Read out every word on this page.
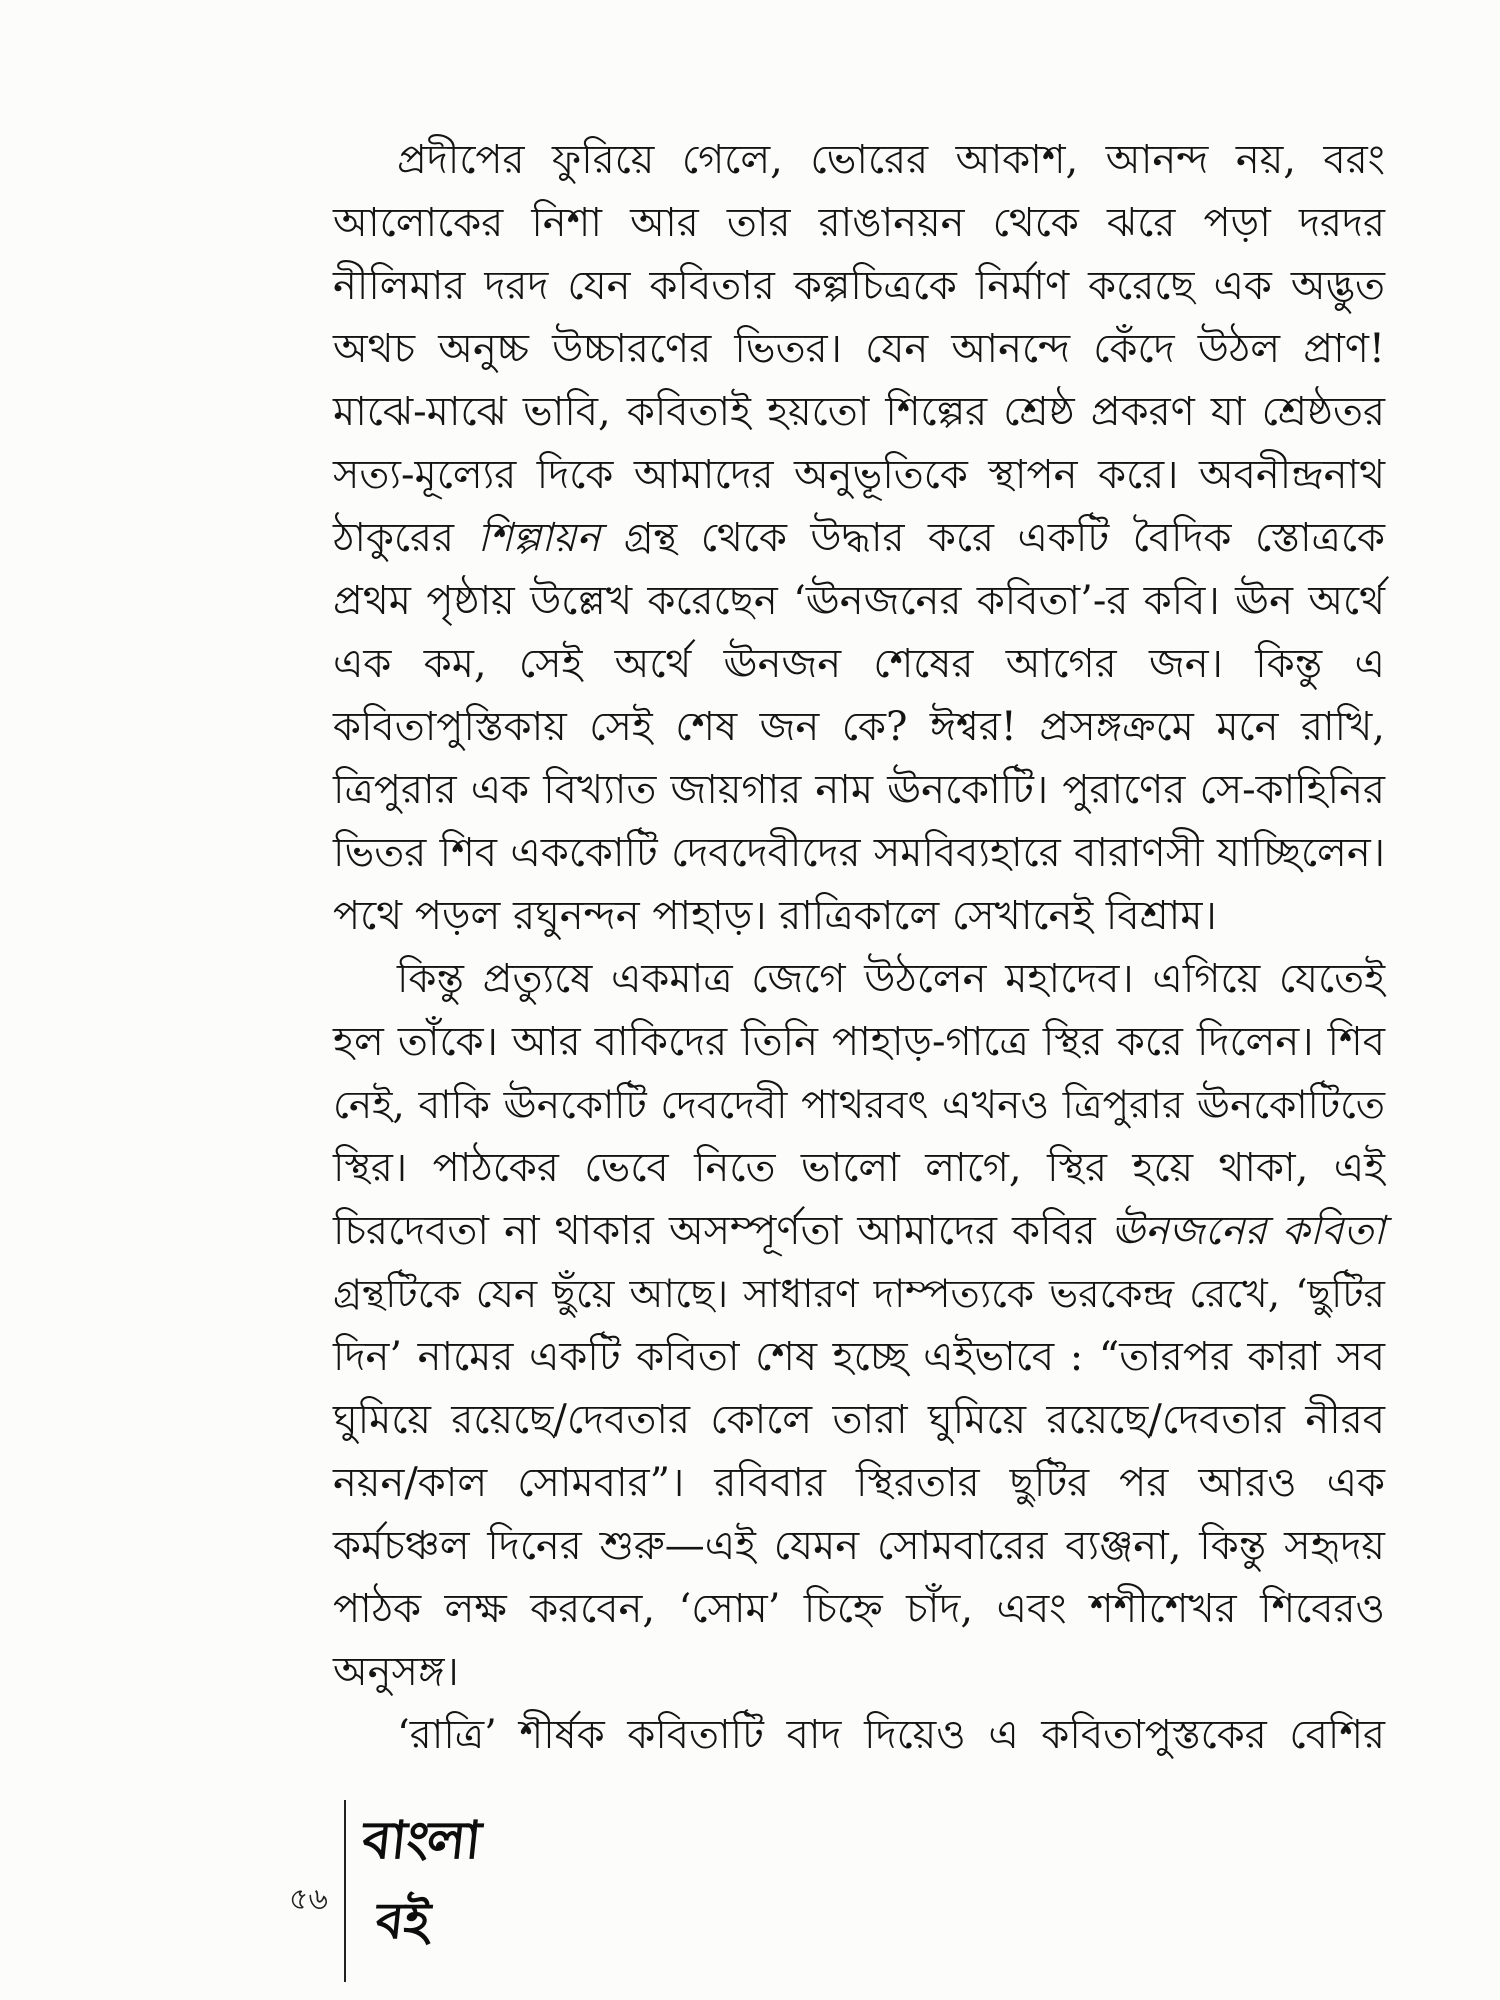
প্রদীপের ফুরিয়ে গেলে, ভোরের আকাশ, আনন্দ নয়, বরং
আলোকের নিশা আর তার রাঙানয়ন থেকে ঝরে পড়া দরদর
নীলিমার দরদ যেন কবিতার কল্পচিত্রকে নির্মাণ করেছে এক অদ্ভুত
অথচ অনুচ্চ উচ্চারণের ভিতর। যেন আনন্দে কেঁদে উঠল প্রাণ!
মাঝে-মাঝে ভাবি, কবিতাই হয়তো শিল্পের শ্রেষ্ঠ প্রকরণ যা শ্রেষ্ঠতর
সত্য-মূল্যের দিকে আমাদের অনুভূতিকে স্থাপন করে। অবনীন্দ্রনাথ
ঠাকুরের শিল্পায়ন গ্রন্থ থেকে উদ্ধার করে একটি বৈদিক স্তোত্রকে
প্রথম পৃষ্ঠায় উল্লেখ করেছেন ‘ঊনজনের কবিতা’-র কবি। ঊন অর্থে
এক কম, সেই অর্থে ঊনজন শেষের আগের জন। কিন্তু এ
কবিতাপুস্তিকায় সেই শেষ জন কে? ঈশ্বর! প্রসঙ্গক্রমে মনে রাখি,
ত্রিপুরার এক বিখ্যাত জায়গার নাম ঊনকোটি। পুরাণের সে-কাহিনির
ভিতর শিব এককোটি দেবদেবীদের সমবিব্যহারে বারাণসী যাচ্ছিলেন।
পথে পড়ল রঘুনন্দন পাহাড়। রাত্রিকালে সেখানেই বিশ্রাম।
কিন্তু প্রত্যুষে একমাত্র জেগে উঠলেন মহাদেব। এগিয়ে যেতেই
হল তাঁকে। আর বাকিদের তিনি পাহাড়-গাত্রে স্থির করে দিলেন। শিব
নেই, বাকি ঊনকোটি দেবদেবী পাথরবৎ এখনও ত্রিপুরার ঊনকোটিতে
স্থির। পাঠকের ভেবে নিতে ভালো লাগে, স্থির হয়ে থাকা, এই
চিরদেবতা না থাকার অসম্পূর্ণতা আমাদের কবির ঊনজনের কবিতা
গ্রন্থটিকে যেন ছুঁয়ে আছে। সাধারণ দাম্পত্যকে ভরকেন্দ্র রেখে, ‘ছুটির
দিন’ নামের একটি কবিতা শেষ হচ্ছে এইভাবে : “তারপর কারা সব
ঘুমিয়ে রয়েছে/দেবতার কোলে তারা ঘুমিয়ে রয়েছে/দেবতার নীরব
নয়ন/কাল সোমবার”। রবিবার স্থিরতার ছুটির পর আরও এক
কর্মচঞ্চল দিনের শুরু—এই যেমন সোমবারের ব্যঞ্জনা, কিন্তু সহৃদয়
পাঠক লক্ষ করবেন, ‘সোম’ চিহ্নে চাঁদ, এবং শশীশেখর শিবেরও
অনুসঙ্গ।
‘রাত্রি’ শীর্ষক কবিতাটি বাদ দিয়েও এ কবিতাপুস্তকের বেশির
৫৬
বাংলা
বই
